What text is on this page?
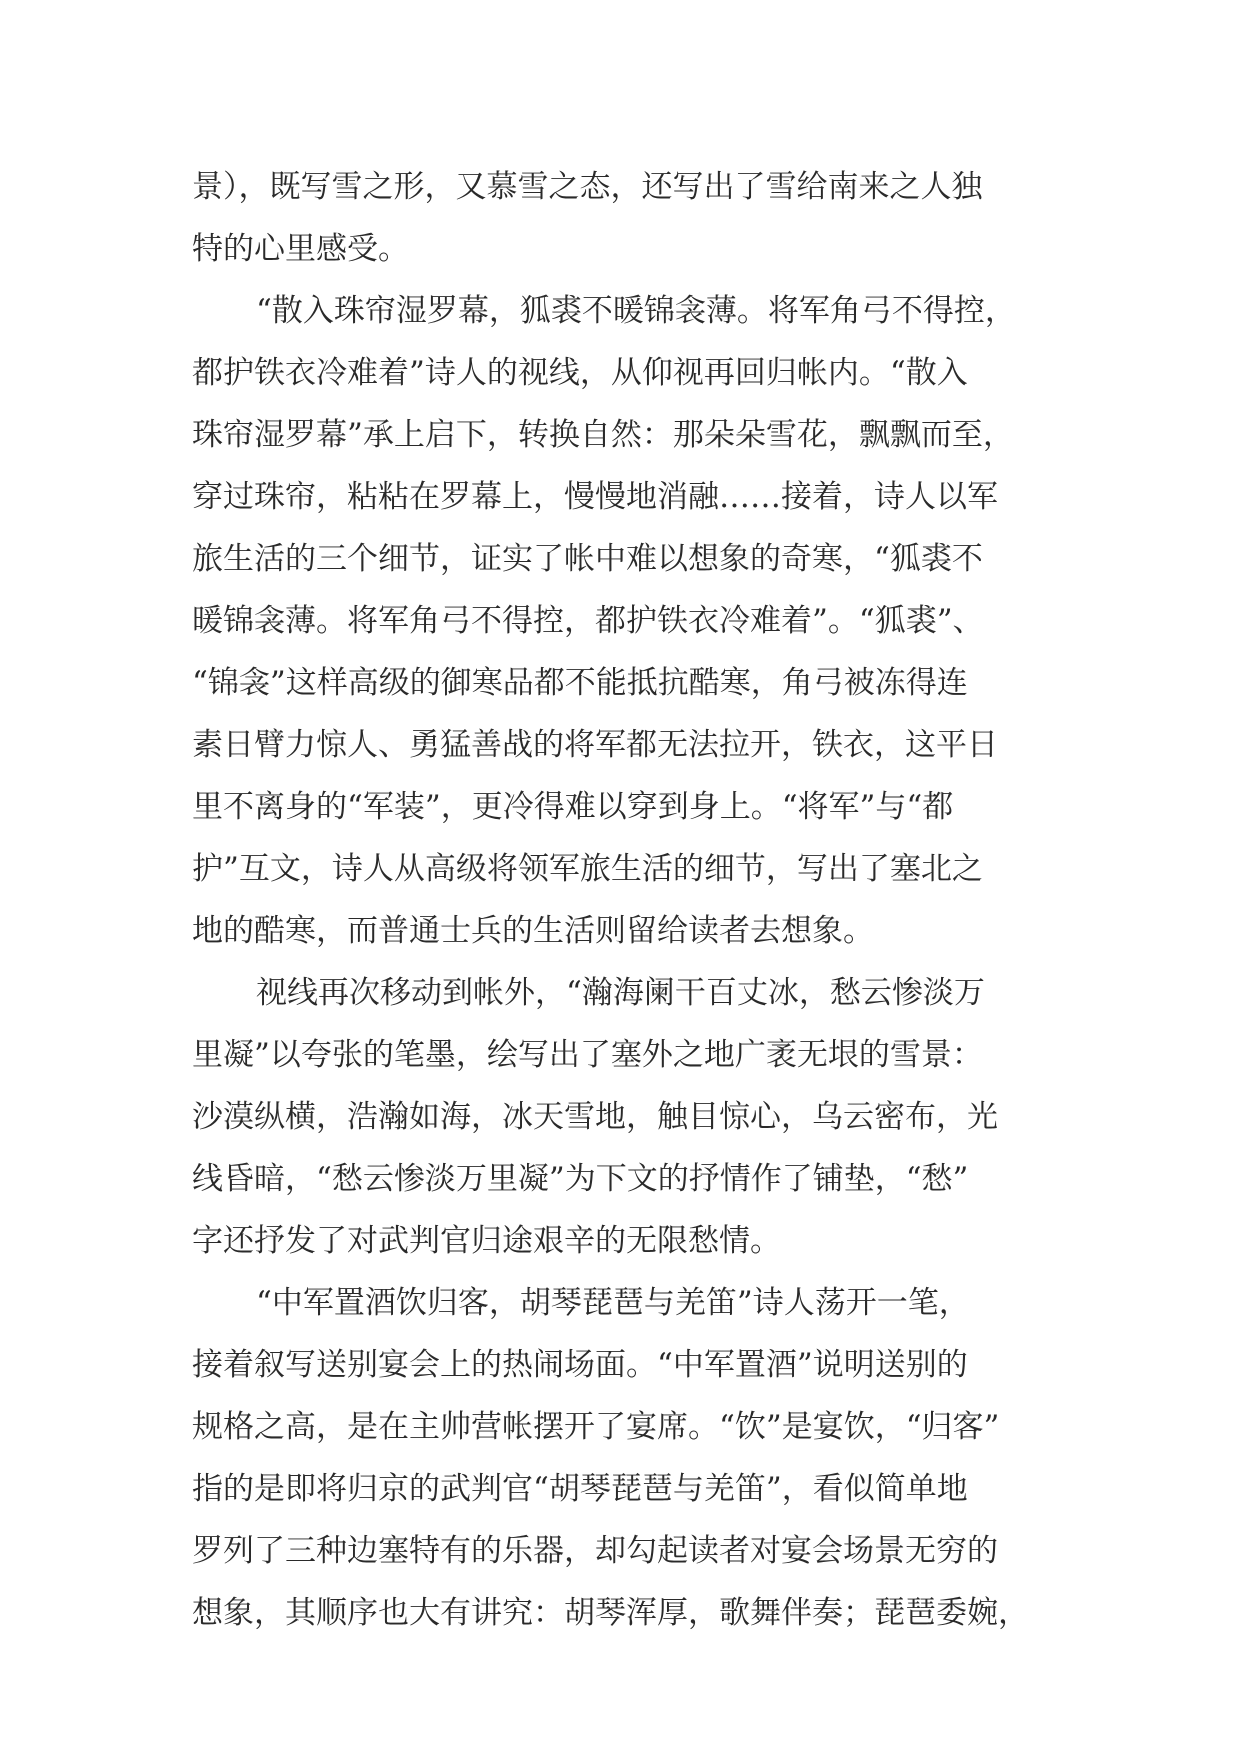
景），既写雪之形，又慕雪之态，还写出了雪给南来之人独
特的心里感受。
“散入珠帘湿罗幕，狐裘不暖锦衾薄。将军角弓不得控，
都护铁衣冷难着”诗人的视线，从仰视再回归帐内。“散入
珠帘湿罗幕”承上启下，转换自然：那朵朵雪花，飘飘而至，
穿过珠帘，粘粘在罗幕上，慢慢地消融……接着，诗人以军
旅生活的三个细节，证实了帐中难以想象的奇寒，“狐裘不
暖锦衾薄。将军角弓不得控，都护铁衣冷难着”。“狐裘”、
“锦衾”这样高级的御寒品都不能抵抗酷寒，角弓被冻得连
素日臂力惊人、勇猛善战的将军都无法拉开，铁衣，这平日
里不离身的“军装”，更冷得难以穿到身上。“将军”与“都
护”互文，诗人从高级将领军旅生活的细节，写出了塞北之
地的酷寒，而普通士兵的生活则留给读者去想象。
视线再次移动到帐外，“瀚海阑干百丈冰，愁云惨淡万
里凝”以夸张的笔墨，绘写出了塞外之地广袤无垠的雪景：
沙漠纵横，浩瀚如海，冰天雪地，触目惊心，乌云密布，光
线昏暗，“愁云惨淡万里凝”为下文的抒情作了铺垫，“愁”
字还抒发了对武判官归途艰辛的无限愁情。
“中军置酒饮归客，胡琴琵琶与羌笛”诗人荡开一笔，
接着叙写送别宴会上的热闹场面。“中军置酒”说明送别的
规格之高，是在主帅营帐摆开了宴席。“饮”是宴饮，“归客”
指的是即将归京的武判官“胡琴琵琶与羌笛”，看似简单地
罗列了三种边塞特有的乐器，却勾起读者对宴会场景无穷的
想象，其顺序也大有讲究：胡琴浑厚，歌舞伴奏；琵琶委婉，
